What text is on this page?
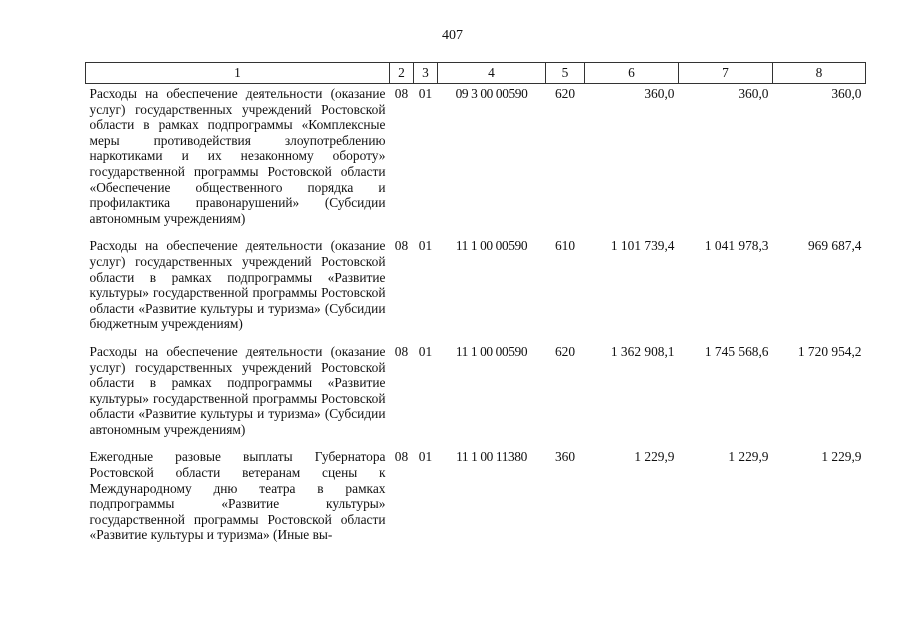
407
1	2	3	4	5	6	7	8
Расходы на обеспечение деятельности (оказание услуг) государственных учреждений Ростовской области в рамках подпрограммы «Комплексные меры противодействия злоупотреблению наркотиками и их незаконному обороту» государственной программы Ростовской области «Обеспечение общественного порядка и профилактика правонарушений» (Субсидии автономным учреждениям)	08	01	09 3 00 00590	620	360,0	360,0	360,0
Расходы на обеспечение деятельности (оказание услуг) государственных учреждений Ростовской области в рамках подпрограммы «Развитие культуры» государственной программы Ростовской области «Развитие культуры и туризма» (Субсидии бюджетным учреждениям)	08	01	11 1 00 00590	610	1 101 739,4	1 041 978,3	969 687,4
Расходы на обеспечение деятельности (оказание услуг) государственных учреждений Ростовской области в рамках подпрограммы «Развитие культуры» государственной программы Ростовской области «Развитие культуры и туризма» (Субсидии автономным учреждениям)	08	01	11 1 00 00590	620	1 362 908,1	1 745 568,6	1 720 954,2
Ежегодные разовые выплаты Губернатора Ростовской области ветеранам сцены к Международному дню театра в рамках подпрограммы «Развитие культуры» государственной программы Ростовской области «Развитие культуры и туризма» (Иные вы-	08	01	11 1 00 11380	360	1 229,9	1 229,9	1 229,9
